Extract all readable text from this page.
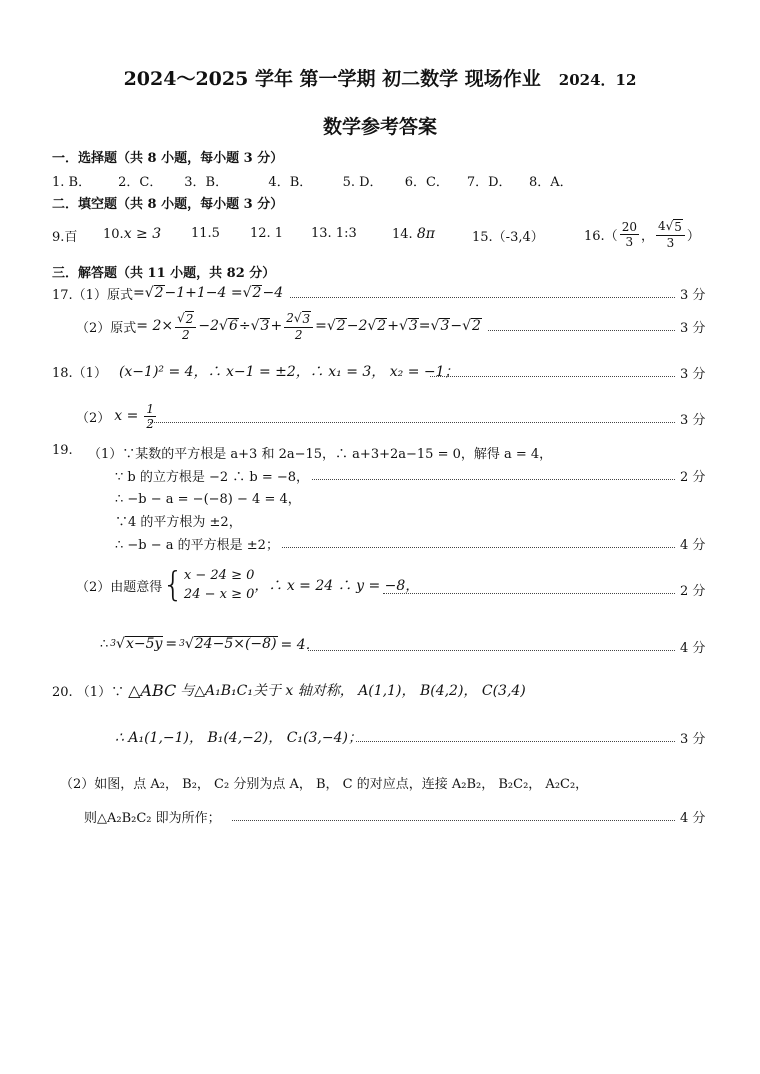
2024～2025 学年 第一学期 初二数学 现场作业 2024．12
数学参考答案
一．选择题（共 8 小题，每小题 3 分）
1. B． 2．C． 3．B．	4．B． 5. D． 6．C． 7．D． 8．A．
二．填空题（共 8 小题，每小题 3 分）
9.百 10.x ≥ 3 11.5 12. 1 13. 1:3	14. 8π	15.（-3,4）	$16.( \frac{20}{3}$ ， $\frac{4√ 5}{3}$ ）
三．解答题（共 11 小题，共 82 分）
17.（1）原式 = √ 2 −1+1−4 = √ 2 −4	3 分
（2）原式 = $2\times \frac{√ 2}{2} -2$ √ 6 ÷ √ $3 + \frac{2√ 3}{2}$ = √ 2 −2 √ 2 + √ 3 = √ 3 − √ 2	3 分
18.（1） (x−1)² = 4，∴ x−1 = ±2，∴ x₁ = 3， x₂ = −1；	3 分
（2） $x = \frac{1}{2}$	3 分
19. （1）∵某数的平方根是 a+3 和 2a−15，∴ a+3+2a−15 = 0，解得 a = 4，
∵ b 的立方根是 −2 ∴ b = −8，	2 分
∴ −b − a = −(−8) − 4 = 4，
∵4 的平方根为 ±2，
∴ −b − a 的平方根是 ±2；	4 分
（2）由题意得 { x − 24 ≥ 0
24 − x ≥ 0
，∴ x = 24 ∴ y = −8，	2 分
∴ 3 √ x−5y = 3 √ 24−5×(−8) = 4．	4 分
20. （1）∵ △ABC 与△A₁B₁C₁关于 x 轴对称， A(1,1)， B(4,2)， C(3,4)
∴ A₁(1,−1)， B₁(4,−2)， C₁(3,−4)；	3 分
（2）如图，点 A₂， B₂， C₂ 分别为点 A， B， C 的对应点，连接 A₂B₂， B₂C₂， A₂C₂，
则△A₂B₂C₂ 即为所作；	4 分
